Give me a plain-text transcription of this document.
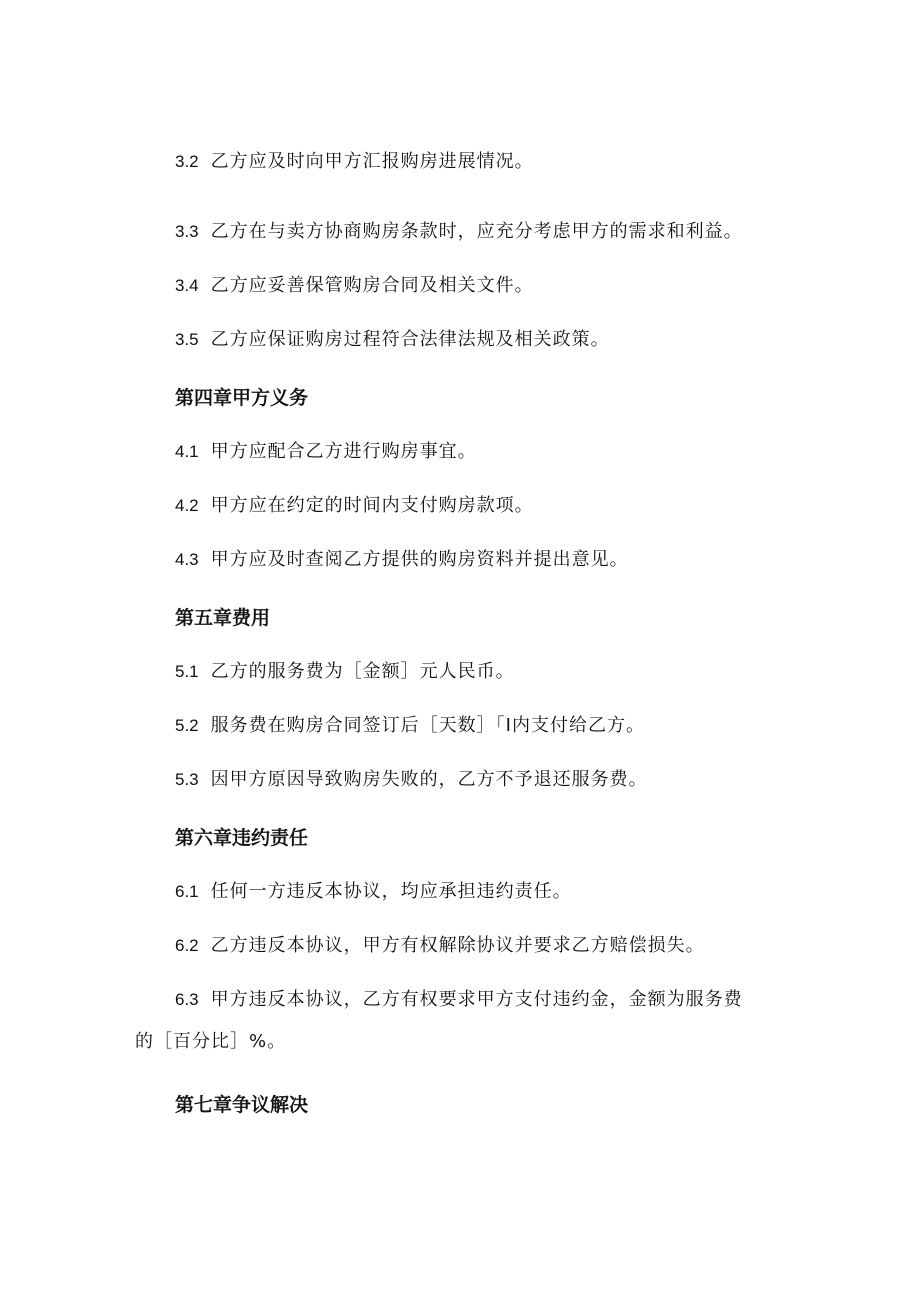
3.2 乙方应及时向甲方汇报购房进展情况。
3.3 乙方在与卖方协商购房条款时，应充分考虑甲方的需求和利益。
3.4 乙方应妥善保管购房合同及相关文件。
3.5 乙方应保证购房过程符合法律法规及相关政策。
第四章甲方义务
4.1 甲方应配合乙方进行购房事宜。
4.2 甲方应在约定的时间内支付购房款项。
4.3 甲方应及时查阅乙方提供的购房资料并提出意见。
第五章费用
5.1 乙方的服务费为［金额］元人民币。
5.2 服务费在购房合同签订后［天数］「I内支付给乙方。
5.3 因甲方原因导致购房失败的，乙方不予退还服务费。
第六章违约责任
6.1 任何一方违反本协议，均应承担违约责任。
6.2 乙方违反本协议，甲方有权解除协议并要求乙方赔偿损失。
6.3 甲方违反本协议，乙方有权要求甲方支付违约金，金额为服务费
的［百分比］%。
第七章争议解决
